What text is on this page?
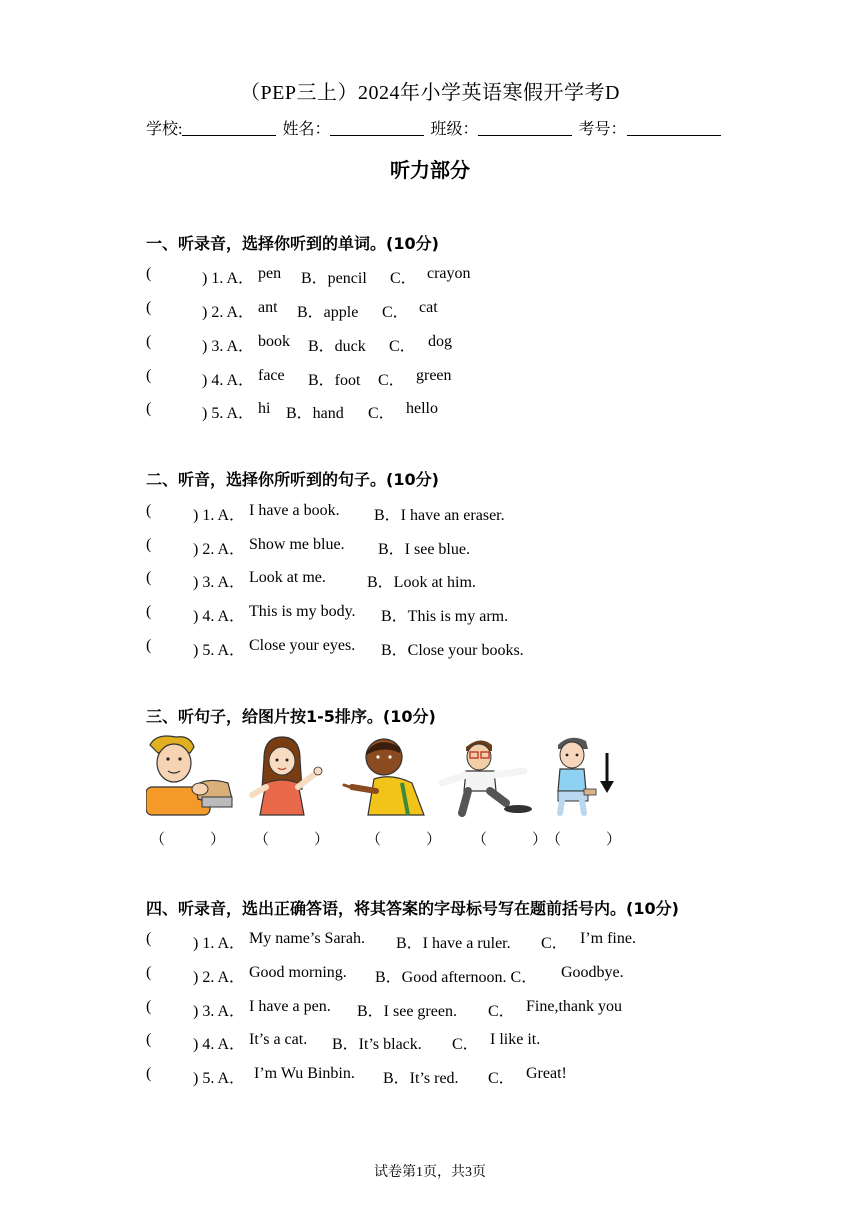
（PEP三上）2024年小学英语寒假开学考D
学校:	姓名：	班级：	考号：
听力部分
一、听录音，选择你听到的单词。(10分)
(	) 1. A． pen B．pencil C． crayon
(	) 2. A． ant B．apple C． cat
(	) 3. A． book B．duck C． dog
(	) 4. A． face B．foot C． green
(	) 5. A． hi B．hand C． hello
二、听音，选择你所听到的句子。(10分)
(	) 1. A． I have a book. B．I have an eraser.
(	) 2. A． Show me blue. B．I see blue.
(	) 3. A． Look at me.	B．Look at him.
(	) 4. A． This is my body. B．This is my arm.
(	) 5. A． Close your eyes. B．Close your books.
三、听句子，给图片按1-5排序。(10分)
（　　　） （　　　） （　　　） （　　　）
（　　　）
四、听录音，选出正确答语，将其答案的字母标号写在题前括号内。(10分)
(	) 1. A． My name’s Sarah. B．I have a ruler. C． I’m fine.
(	) 2. A． Good morning. B．Good afternoon. C． Goodbye.
(	) 3. A． I have a pen. B．I see green. C． Fine,thank you
(	) 4. A． It’s a cat. B．It’s black. C． I like it.
(	) 5. A． I’m Wu Binbin. B．It’s red. C． Great!
试卷第1页，共3页
